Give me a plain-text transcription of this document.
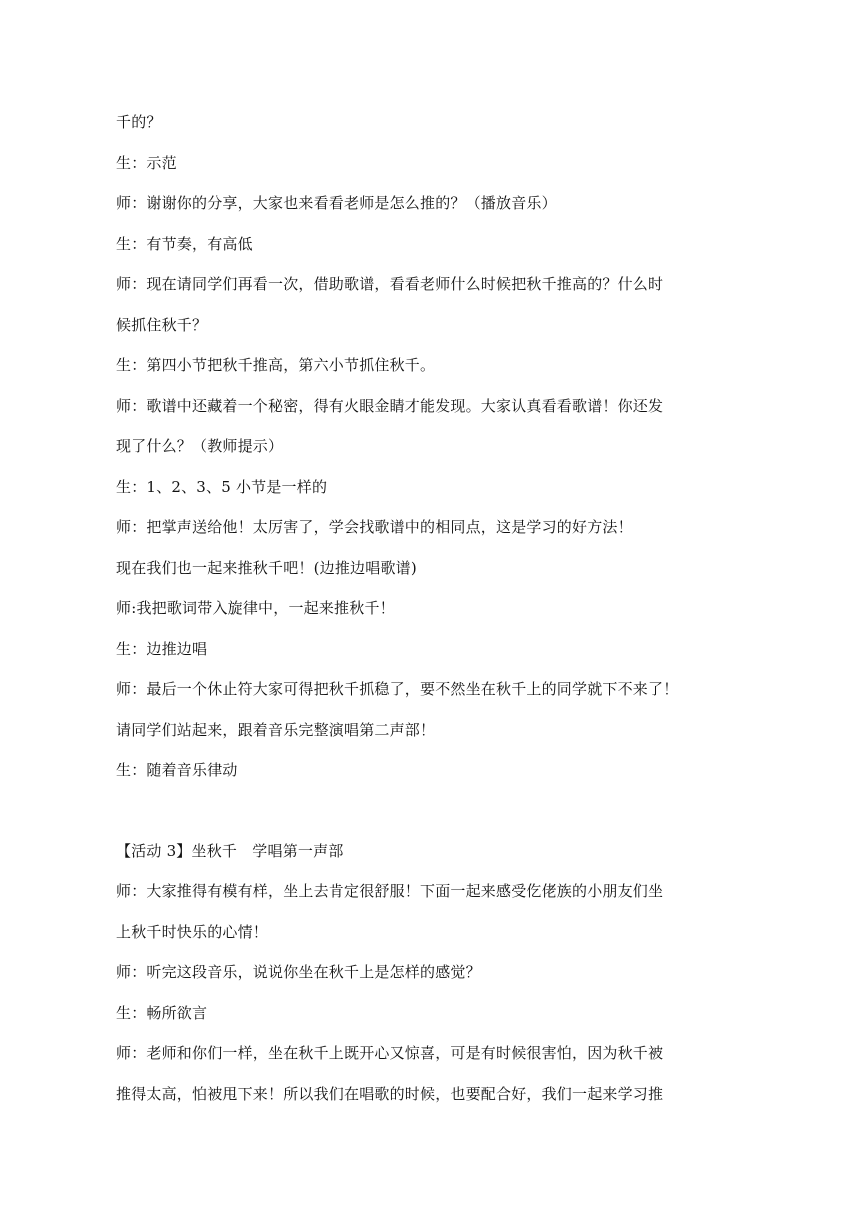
千的？
生：示范
师：谢谢你的分享，大家也来看看老师是怎么推的？（播放音乐）
生：有节奏，有高低
师：现在请同学们再看一次，借助歌谱，看看老师什么时候把秋千推高的？什么时
候抓住秋千？
生：第四小节把秋千推高，第六小节抓住秋千。
师：歌谱中还藏着一个秘密，得有火眼金睛才能发现。大家认真看看歌谱！你还发
现了什么？（教师提示）
生：1、2、3、5 小节是一样的
师：把掌声送给他！太厉害了，学会找歌谱中的相同点，这是学习的好方法！
现在我们也一起来推秋千吧！(边推边唱歌谱)
师:我把歌词带入旋律中，一起来推秋千！
生：边推边唱
师：最后一个休止符大家可得把秋千抓稳了，要不然坐在秋千上的同学就下不来了！
请同学们站起来，跟着音乐完整演唱第二声部！
生：随着音乐律动
【活动 3】坐秋千　学唱第一声部
师：大家推得有模有样，坐上去肯定很舒服！下面一起来感受仡佬族的小朋友们坐
上秋千时快乐的心情！
师：听完这段音乐，说说你坐在秋千上是怎样的感觉？
生：畅所欲言
师：老师和你们一样，坐在秋千上既开心又惊喜，可是有时候很害怕，因为秋千被
推得太高，怕被甩下来！所以我们在唱歌的时候，也要配合好，我们一起来学习推
